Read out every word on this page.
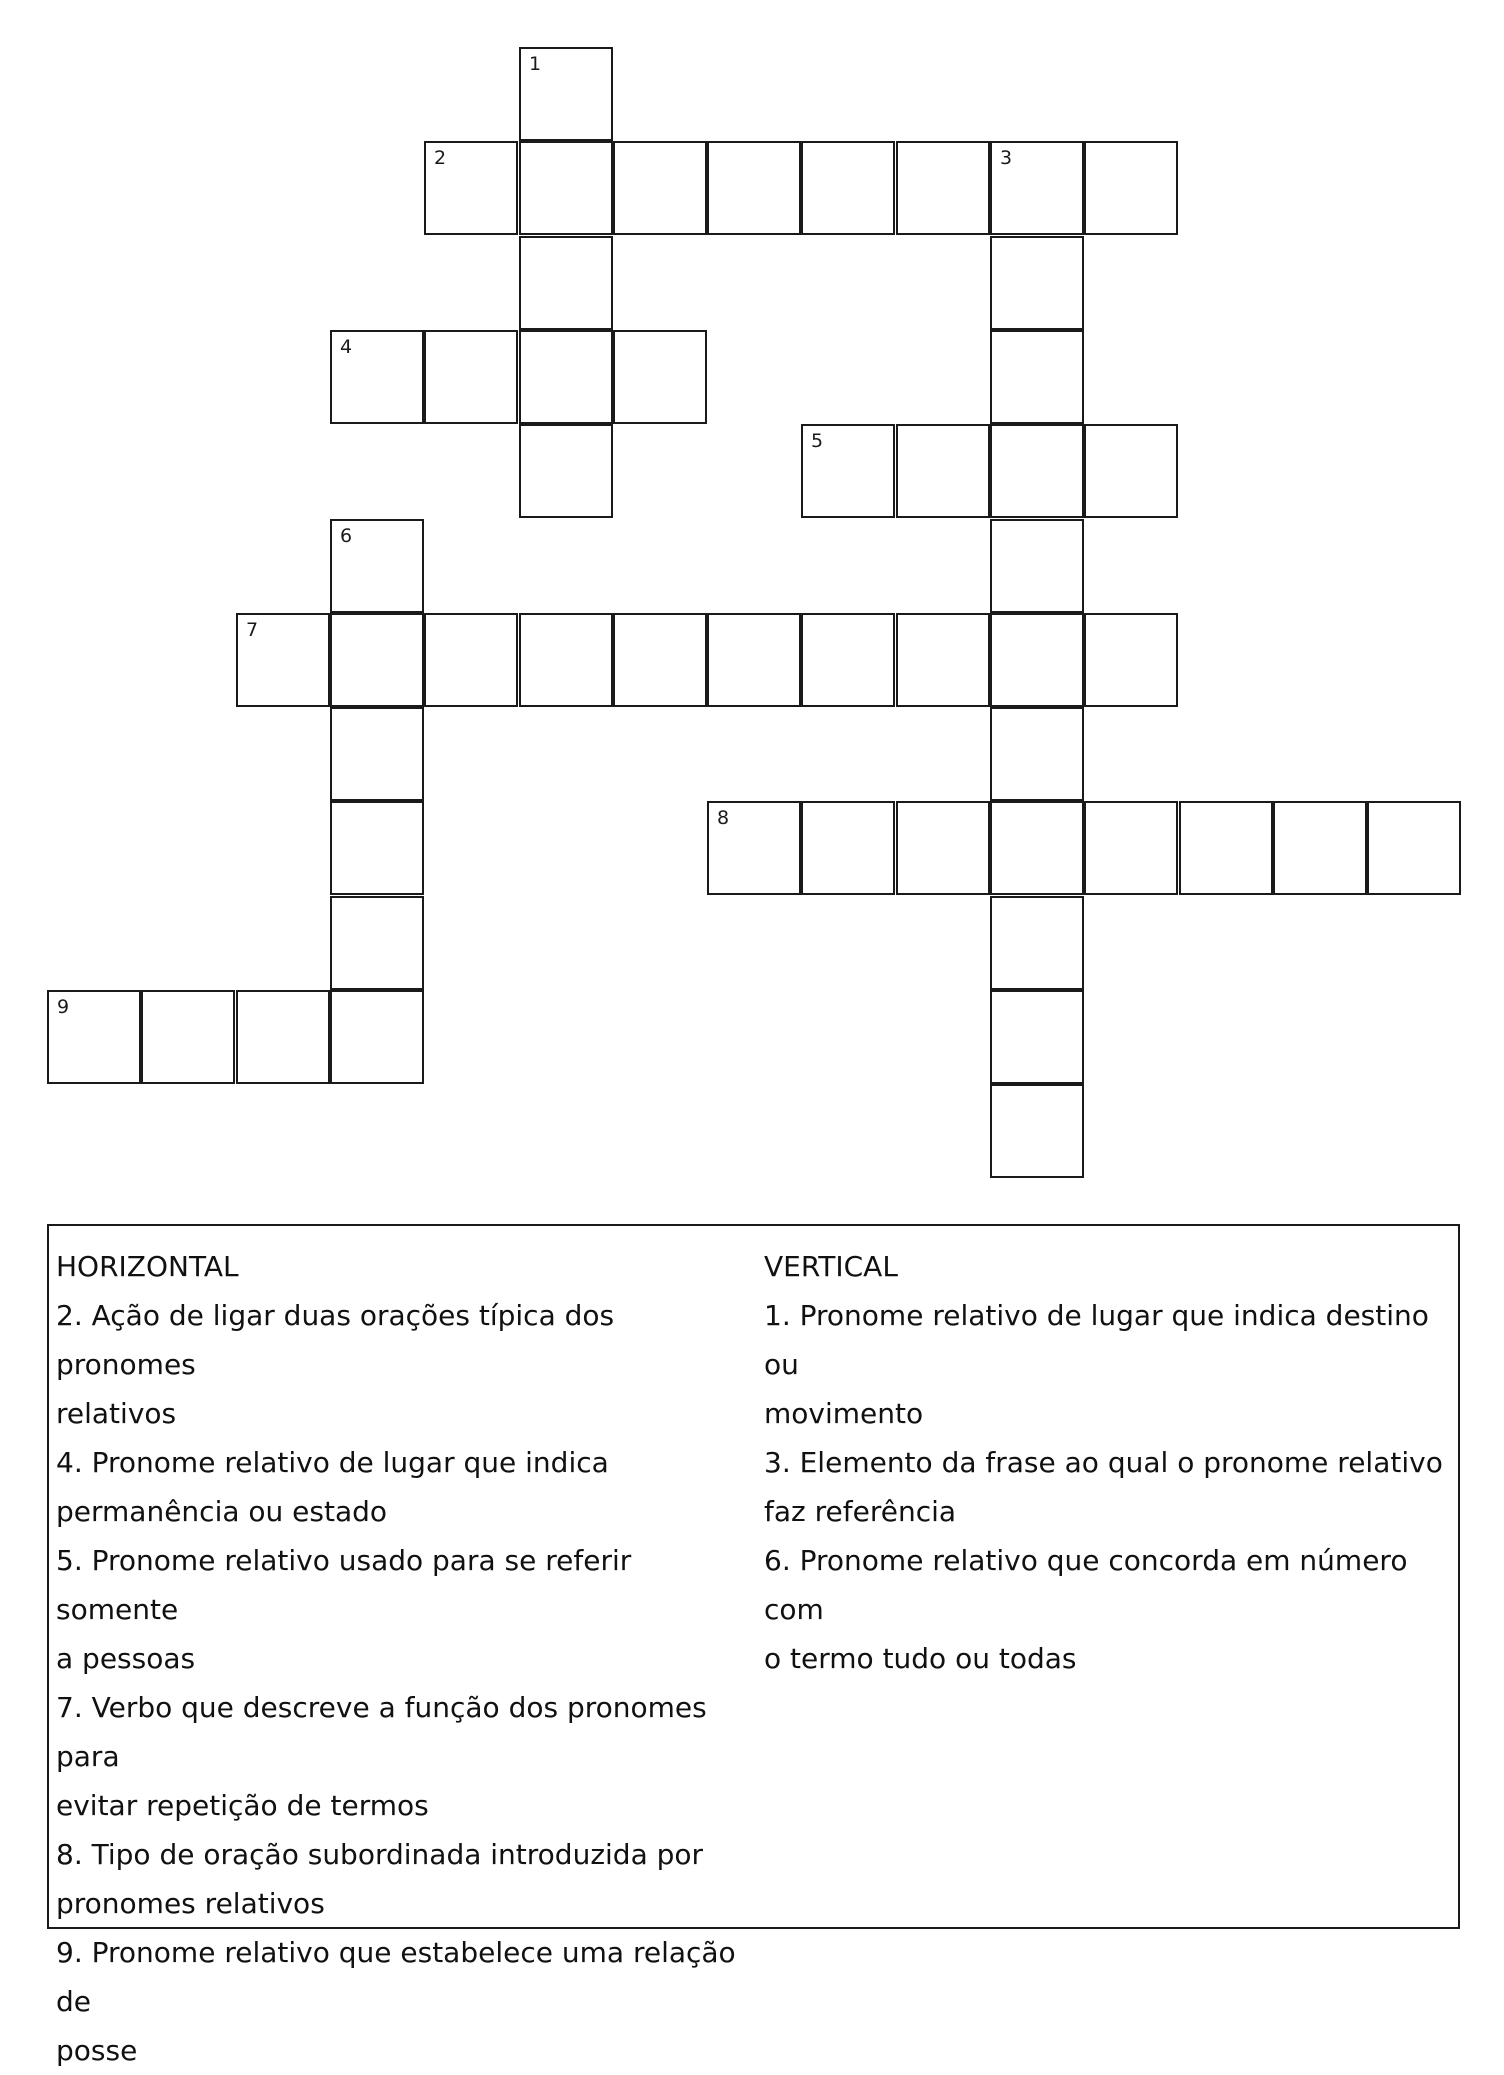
1
2	3
4
5
6
7
8
9
HORIZONTAL
2. Ação de ligar duas orações típica dos pronomes
relativos
4. Pronome relativo de lugar que indica
permanência ou estado
5. Pronome relativo usado para se referir somente
a pessoas
7. Verbo que descreve a função dos pronomes para
evitar repetição de termos
8. Tipo de oração subordinada introduzida por
pronomes relativos
9. Pronome relativo que estabelece uma relação de
posse
VERTICAL
1. Pronome relativo de lugar que indica destino ou
movimento
3. Elemento da frase ao qual o pronome relativo
faz referência
6. Pronome relativo que concorda em número com
o termo tudo ou todas
